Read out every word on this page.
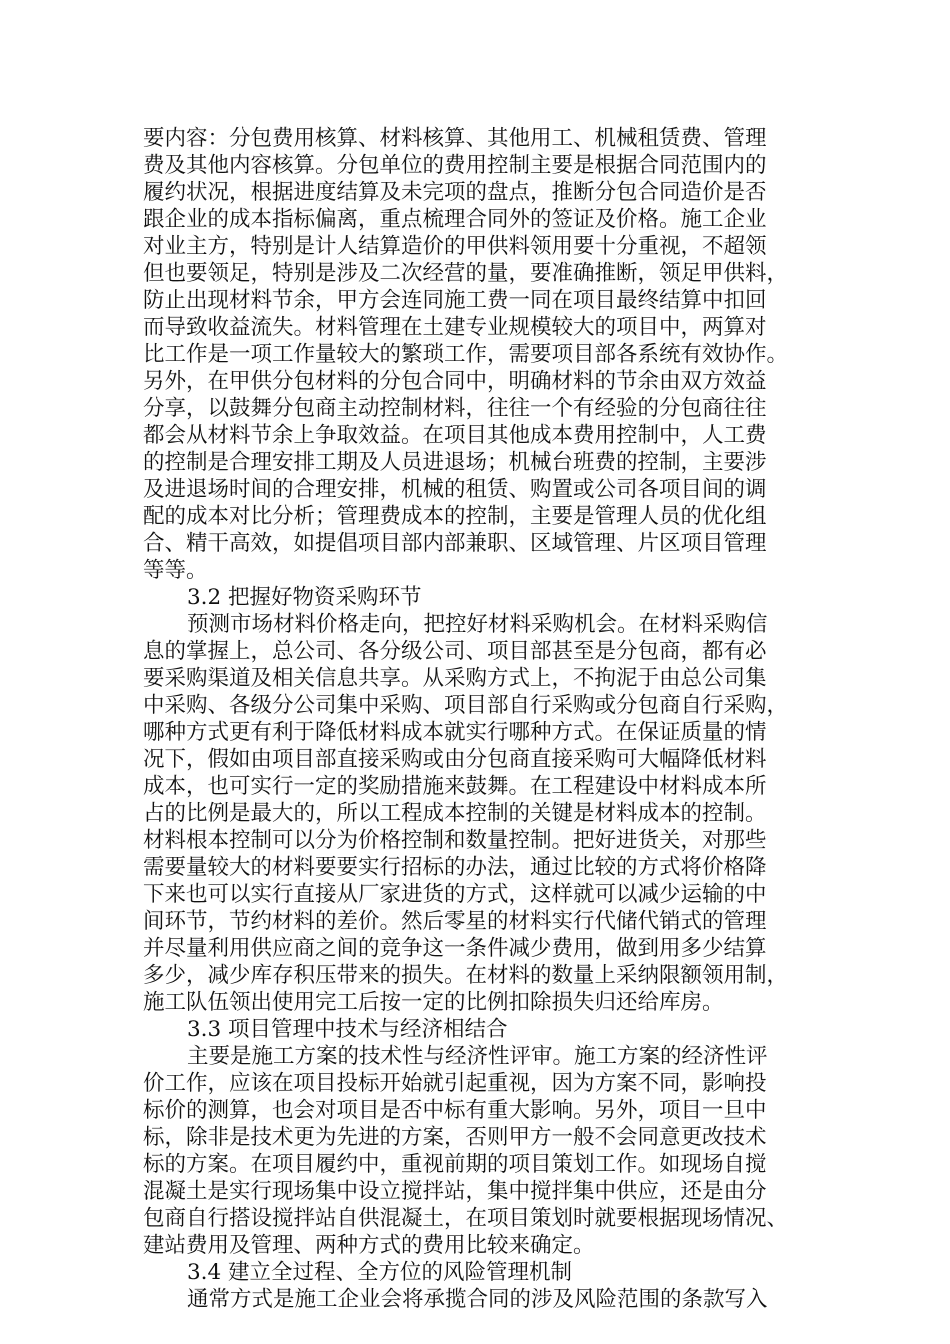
要内容：分包费用核算、材料核算、其他用工、机械租赁费、管理
费及其他内容核算。分包单位的费用控制主要是根据合同范围内的
履约状况，根据进度结算及未完项的盘点，推断分包合同造价是否
跟企业的成本指标偏离，重点梳理合同外的签证及价格。施工企业
对业主方，特别是计人结算造价的甲供料领用要十分重视，不超领
但也要领足，特别是涉及二次经营的量，要准确推断，领足甲供料，
防止出现材料节余，甲方会连同施工费一同在项目最终结算中扣回
而导致收益流失。材料管理在土建专业规模较大的项目中，两算对
比工作是一项工作量较大的繁琐工作，需要项目部各系统有效协作。
另外，在甲供分包材料的分包合同中，明确材料的节余由双方效益
分享，以鼓舞分包商主动控制材料，往往一个有经验的分包商往往
都会从材料节余上争取效益。在项目其他成本费用控制中，人工费
的控制是合理安排工期及人员进退场；机械台班费的控制，主要涉
及进退场时间的合理安排，机械的租赁、购置或公司各项目间的调
配的成本对比分析；管理费成本的控制，主要是管理人员的优化组
合、精干高效，如提倡项目部内部兼职、区域管理、片区项目管理
等等。
3.2 把握好物资采购环节
预测市场材料价格走向，把控好材料采购机会。在材料采购信
息的掌握上，总公司、各分级公司、项目部甚至是分包商，都有必
要采购渠道及相关信息共享。从采购方式上，不拘泥于由总公司集
中采购、各级分公司集中采购、项目部自行采购或分包商自行采购，
哪种方式更有利于降低材料成本就实行哪种方式。在保证质量的情
况下，假如由项目部直接采购或由分包商直接采购可大幅降低材料
成本，也可实行一定的奖励措施来鼓舞。在工程建设中材料成本所
占的比例是最大的，所以工程成本控制的关键是材料成本的控制。
材料根本控制可以分为价格控制和数量控制。把好进货关，对那些
需要量较大的材料要要实行招标的办法，通过比较的方式将价格降
下来也可以实行直接从厂家进货的方式，这样就可以减少运输的中
间环节，节约材料的差价。然后零星的材料实行代储代销式的管理
并尽量利用供应商之间的竞争这一条件减少费用，做到用多少结算
多少，减少库存积压带来的损失。在材料的数量上采纳限额领用制，
施工队伍领出使用完工后按一定的比例扣除损失归还给库房。
3.3 项目管理中技术与经济相结合
主要是施工方案的技术性与经济性评审。施工方案的经济性评
价工作，应该在项目投标开始就引起重视，因为方案不同，影响投
标价的测算，也会对项目是否中标有重大影响。另外，项目一旦中
标，除非是技术更为先进的方案，否则甲方一般不会同意更改技术
标的方案。在项目履约中，重视前期的项目策划工作。如现场自搅
混凝土是实行现场集中设立搅拌站，集中搅拌集中供应，还是由分
包商自行搭设搅拌站自供混凝土，在项目策划时就要根据现场情况、
建站费用及管理、两种方式的费用比较来确定。
3.4 建立全过程、全方位的风险管理机制
通常方式是施工企业会将承揽合同的涉及风险范围的条款写入
